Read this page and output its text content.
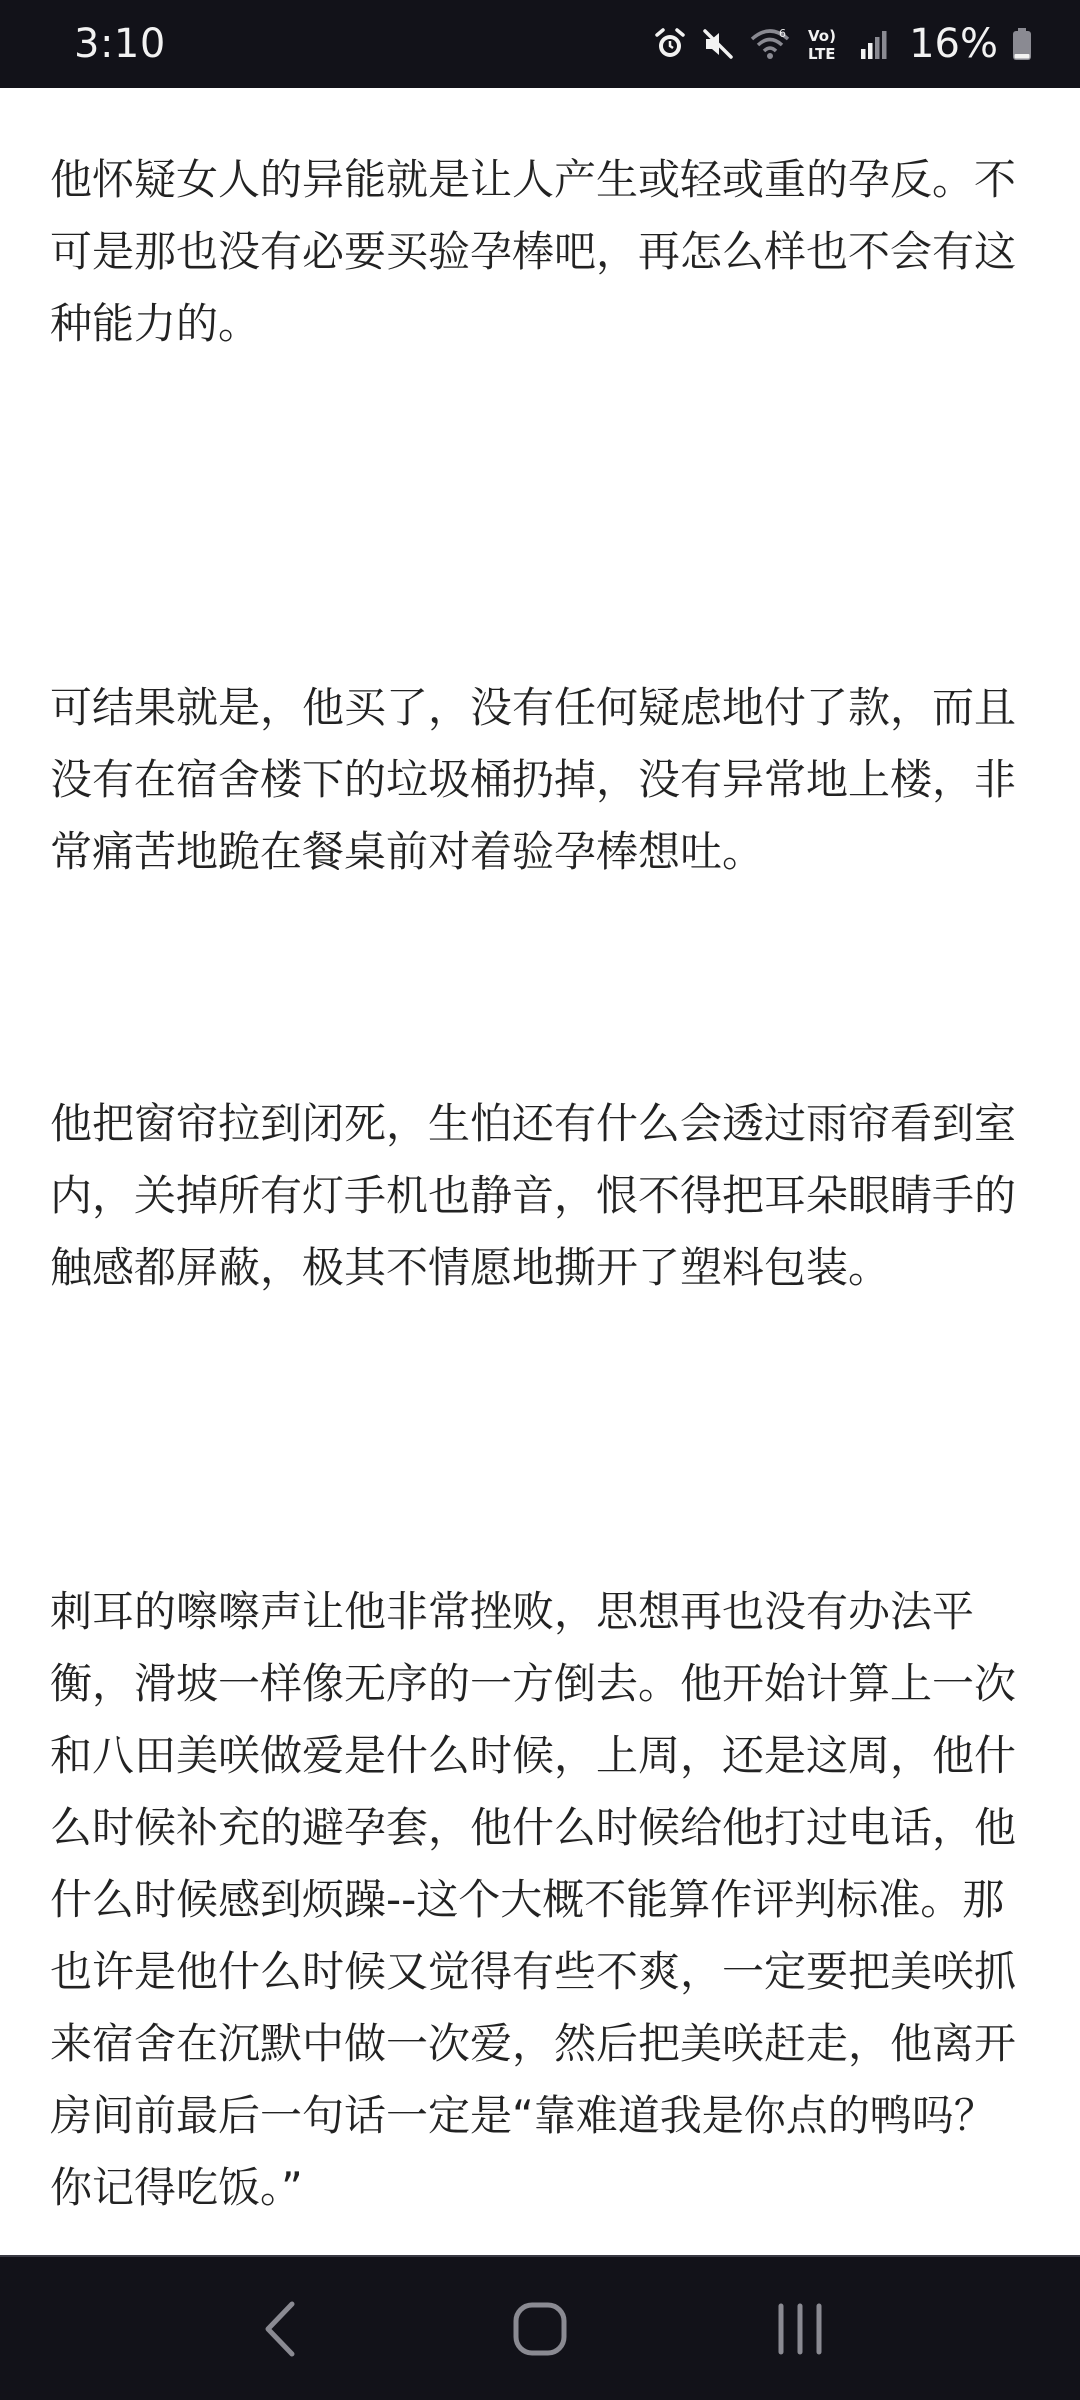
3:10	6 Vo)
LTE 16%

他怀疑女人的异能就是让人产生或轻或重的孕反。不可是那也没有必要买验孕棒吧，再怎么样也不会有这种能力的。

可结果就是，他买了，没有任何疑虑地付了款，而且没有在宿舍楼下的垃圾桶扔掉，没有异常地上楼，非常痛苦地跪在餐桌前对着验孕棒想吐。

他把窗帘拉到闭死，生怕还有什么会透过雨帘看到室内，关掉所有灯手机也静音，恨不得把耳朵眼睛手的触感都屏蔽，极其不情愿地撕开了塑料包装。

刺耳的嚓嚓声让他非常挫败，思想再也没有办法平衡，滑坡一样像无序的一方倒去。他开始计算上一次和八田美咲做爱是什么时候，上周，还是这周，他什么时候补充的避孕套，他什么时候给他打过电话，他什么时候感到烦躁--这个大概不能算作评判标准。那也许是他什么时候又觉得有些不爽，一定要把美咲抓来宿舍在沉默中做一次爱，然后把美咲赶走，他离开房间前最后一句话一定是“靠难道我是你点的鸭吗？你记得吃饭。”
